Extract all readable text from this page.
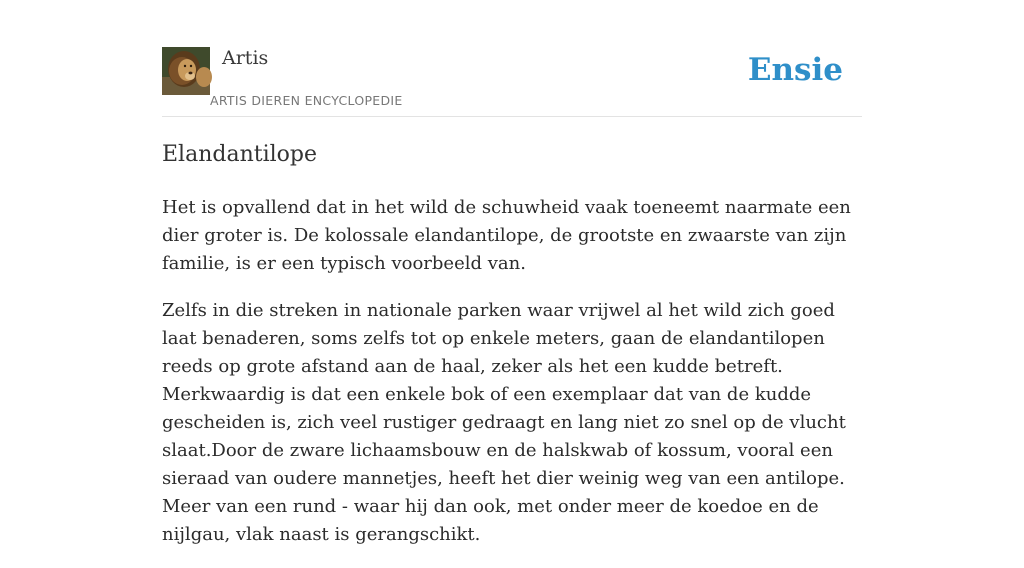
Artis
ARTIS DIEREN ENCYCLOPEDIE
Ensie
Elandantilope

Het is opvallend dat in het wild de schuwheid vaak toeneemt naarmate een dier groter is. De kolossale elandantilope, de grootste en zwaarste van zijn familie, is er een typisch voorbeeld van.

Zelfs in die streken in nationale parken waar vrijwel al het wild zich goed laat benaderen, soms zelfs tot op enkele meters, gaan de elandantilopen reeds op grote afstand aan de haal, zeker als het een kudde betreft. Merkwaardig is dat een enkele bok of een exemplaar dat van de kudde gescheiden is, zich veel rustiger gedraagt en lang niet zo snel op de vlucht slaat.Door de zware lichaamsbouw en de halskwab of kossum, vooral een sieraad van oudere mannetjes, heeft het dier weinig weg van een antilope. Meer van een rund - waar hij dan ook, met onder meer de koedoe en de nijlgau, vlak naast is gerangschikt.
